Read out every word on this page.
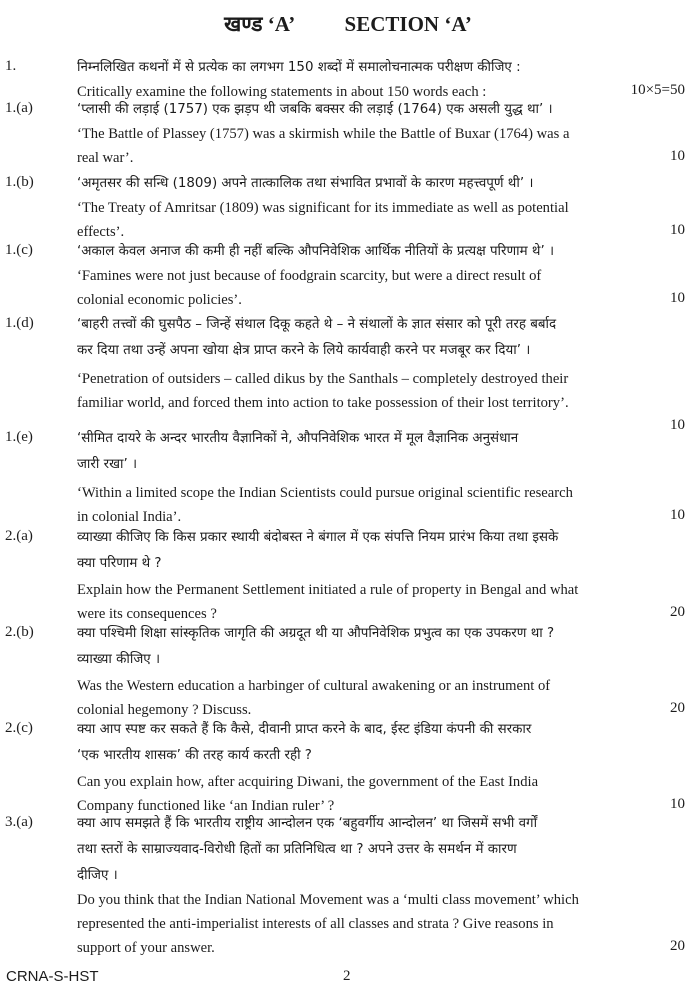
खण्ड ‘A’ SECTION ‘A’
1.	निम्नलिखित कथनों में से प्रत्येक का लगभग 150 शब्दों में समालोचनात्मक परीक्षण कीजिए :
Critically examine the following statements in about 150 words each :	10×5=50
1.(a)	‘प्लासी की लड़ाई (1757) एक झड़प थी जबकि बक्सर की लड़ाई (1764) एक असली युद्ध था’ ।
‘The Battle of Plassey (1757) was a skirmish while the Battle of Buxar (1764) was a
real war’.	10
1.(b)	‘अमृतसर की सन्धि (1809) अपने तात्कालिक तथा संभावित प्रभावों के कारण महत्त्वपूर्ण थी’ ।
‘The Treaty of Amritsar (1809) was significant for its immediate as well as potential
effects’.	10
1.(c)	‘अकाल केवल अनाज की कमी ही नहीं बल्कि औपनिवेशिक आर्थिक नीतियों के प्रत्यक्ष परिणाम थे’ ।
‘Famines were not just because of foodgrain scarcity, but were a direct result of
colonial economic policies’.	10
1.(d)	‘बाहरी तत्त्वों की घुसपैठ – जिन्हें संथाल दिकू कहते थे – ने संथालों के ज्ञात संसार को पूरी तरह बर्बाद
कर दिया तथा उन्हें अपना खोया क्षेत्र प्राप्त करने के लिये कार्यवाही करने पर मजबूर कर दिया’ ।
‘Penetration of outsiders – called dikus by the Santhals – completely destroyed their
familiar world, and forced them into action to take possession of their lost territory’.
10
1.(e)	‘सीमित दायरे के अन्दर भारतीय वैज्ञानिकों ने, औपनिवेशिक भारत में मूल वैज्ञानिक अनुसंधान
जारी रखा’ ।
‘Within a limited scope the Indian Scientists could pursue original scientific research
in colonial India’.	10
2.(a)	व्याख्या कीजिए कि किस प्रकार स्थायी बंदोबस्त ने बंगाल में एक संपत्ति नियम प्रारंभ किया तथा इसके
क्या परिणाम थे ?
Explain how the Permanent Settlement initiated a rule of property in Bengal and what
were its consequences ?	20
2.(b)	क्या पश्चिमी शिक्षा सांस्कृतिक जागृति की अग्रदूत थी या औपनिवेशिक प्रभुत्व का एक उपकरण था ?
व्याख्या कीजिए ।
Was the Western education a harbinger of cultural awakening or an instrument of
colonial hegemony ? Discuss.	20
2.(c)	क्या आप स्पष्ट कर सकते हैं कि कैसे, दीवानी प्राप्त करने के बाद, ईस्ट इंडिया कंपनी की सरकार
‘एक भारतीय शासक’ की तरह कार्य करती रही ?
Can you explain how, after acquiring Diwani, the government of the East India
Company functioned like ‘an Indian ruler’ ?	10
3.(a)	क्या आप समझते हैं कि भारतीय राष्ट्रीय आन्दोलन एक ‘बहुवर्गीय आन्दोलन’ था जिसमें सभी वर्गों
तथा स्तरों के साम्राज्यवाद-विरोधी हितों का प्रतिनिधित्व था ? अपने उत्तर के समर्थन में कारण
दीजिए ।
Do you think that the Indian National Movement was a ‘multi class movement’ which
represented the anti-imperialist interests of all classes and strata ? Give reasons in
support of your answer.	20
CRNA-S-HST	2
